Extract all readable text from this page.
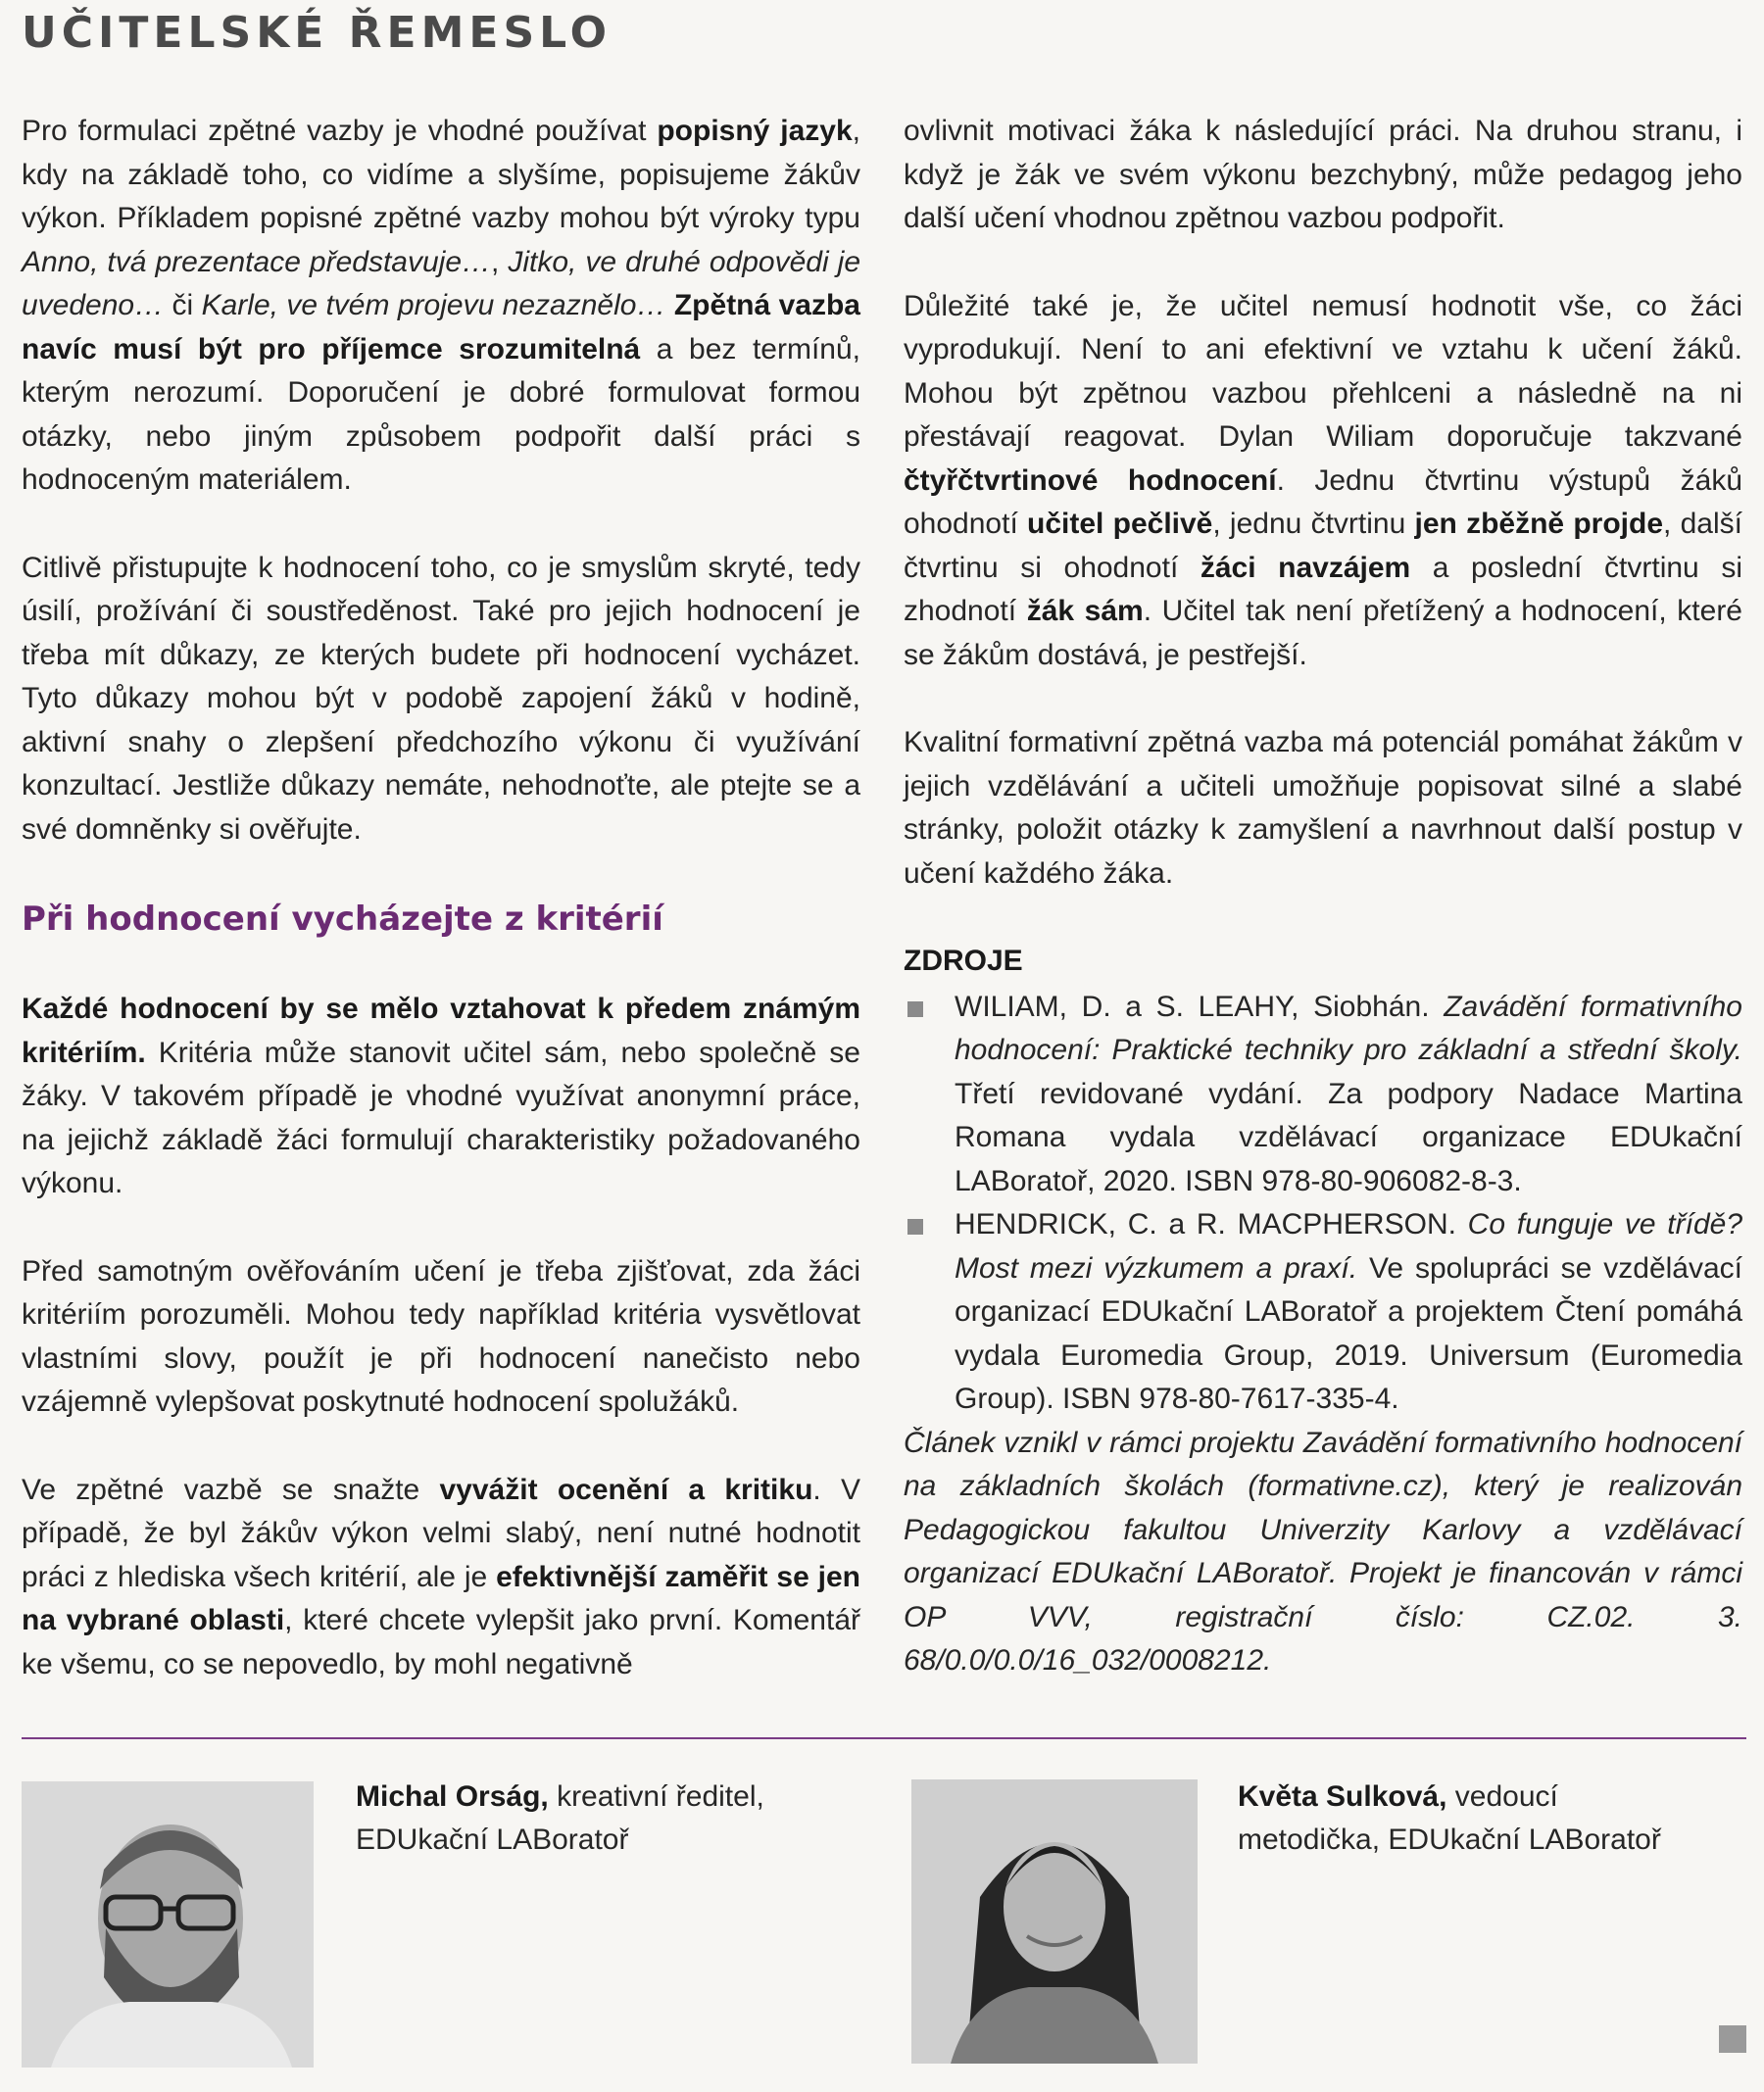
UČITELSKÉ ŘEMESLO

Pro formulaci zpětné vazby je vhodné používat popisný jazyk, kdy na základě toho, co vidíme a slyšíme, popisujeme žákův výkon. Příkladem popisné zpětné vazby mohou být výroky typu Anno, tvá prezentace představuje…, Jitko, ve druhé odpovědi je uvedeno… či Karle, ve tvém projevu nezaznělo… Zpětná vazba navíc musí být pro příjemce srozumitelná a bez termínů, kterým nerozumí. Doporučení je dobré formulovat formou otázky, nebo jiným způsobem podpořit další práci s hodnoceným materiálem.

Citlivě přistupujte k hodnocení toho, co je smyslům skryté, tedy úsilí, prožívání či soustředěnost. Také pro jejich hodnocení je třeba mít důkazy, ze kterých budete při hodnocení vycházet. Tyto důkazy mohou být v podobě zapojení žáků v hodině, aktivní snahy o zlepšení předchozího výkonu či využívání konzultací. Jestliže důkazy nemáte, nehodnoťte, ale ptejte se a své domněnky si ověřujte.

Při hodnocení vycházejte z kritérií

Každé hodnocení by se mělo vztahovat k předem známým kritériím. Kritéria může stanovit učitel sám, nebo společně se žáky. V takovém případě je vhodné využívat anonymní práce, na jejichž základě žáci formulují charakteristiky požadovaného výkonu.

Před samotným ověřováním učení je třeba zjišťovat, zda žáci kritériím porozuměli. Mohou tedy například kritéria vysvětlovat vlastními slovy, použít je při hodnocení nanečisto nebo vzájemně vylepšovat poskytnuté hodnocení spolužáků.

Ve zpětné vazbě se snažte vyvážit ocenění a kritiku. V případě, že byl žákův výkon velmi slabý, není nutné hodnotit práci z hlediska všech kritérií, ale je efektivnější zaměřit se jen na vybrané oblasti, které chcete vylepšit jako první. Komentář ke všemu, co se nepovedlo, by mohl negativně

ovlivnit motivaci žáka k následující práci. Na druhou stranu, i když je žák ve svém výkonu bezchybný, může pedagog jeho další učení vhodnou zpětnou vazbou podpořit.

Důležité také je, že učitel nemusí hodnotit vše, co žáci vyprodukují. Není to ani efektivní ve vztahu k učení žáků. Mohou být zpětnou vazbou přehlceni a následně na ni přestávají reagovat. Dylan Wiliam doporučuje takzvané čtyřčtvrtinové hodnocení. Jednu čtvrtinu výstupů žáků ohodnotí učitel pečlivě, jednu čtvrtinu jen zběžně projde, další čtvrtinu si ohodnotí žáci navzájem a poslední čtvrtinu si zhodnotí žák sám. Učitel tak není přetížený a hodnocení, které se žákům dostává, je pestřejší.

Kvalitní formativní zpětná vazba má potenciál pomáhat žákům v jejich vzdělávání a učiteli umožňuje popisovat silné a slabé stránky, položit otázky k zamyšlení a navrhnout další postup v učení každého žáka.

ZDROJE
WILIAM, D. a S. LEAHY, Siobhán. Zavádění formativního hodnocení: Praktické techniky pro základní a střední školy. Třetí revidované vydání. Za podpory Nadace Martina Romana vydala vzdělávací organizace EDUkační LABoratoř, 2020. ISBN 978-80-906082-8-3.
HENDRICK, C. a R. MACPHERSON. Co funguje ve třídě? Most mezi výzkumem a praxí. Ve spolupráci se vzdělávací organizací EDUkační LABoratoř a projektem Čtení pomáhá vydala Euromedia Group, 2019. Universum (Euromedia Group). ISBN 978-80-7617-335-4.

Článek vznikl v rámci projektu Zavádění formativního hodnocení na základních školách (formativne.cz), který je realizován Pedagogickou fakultou Univerzity Karlovy a vzdělávací organizací EDUkační LABoratoř. Projekt je financován v rámci OP VVV, registrační číslo: CZ.02. 3. 68/0.0/0.0/16_032/0008212.

Michal Orság, kreativní ředitel, EDUkační LABoratoř
Květa Sulková, vedoucí metodička, EDUkační LABoratoř
